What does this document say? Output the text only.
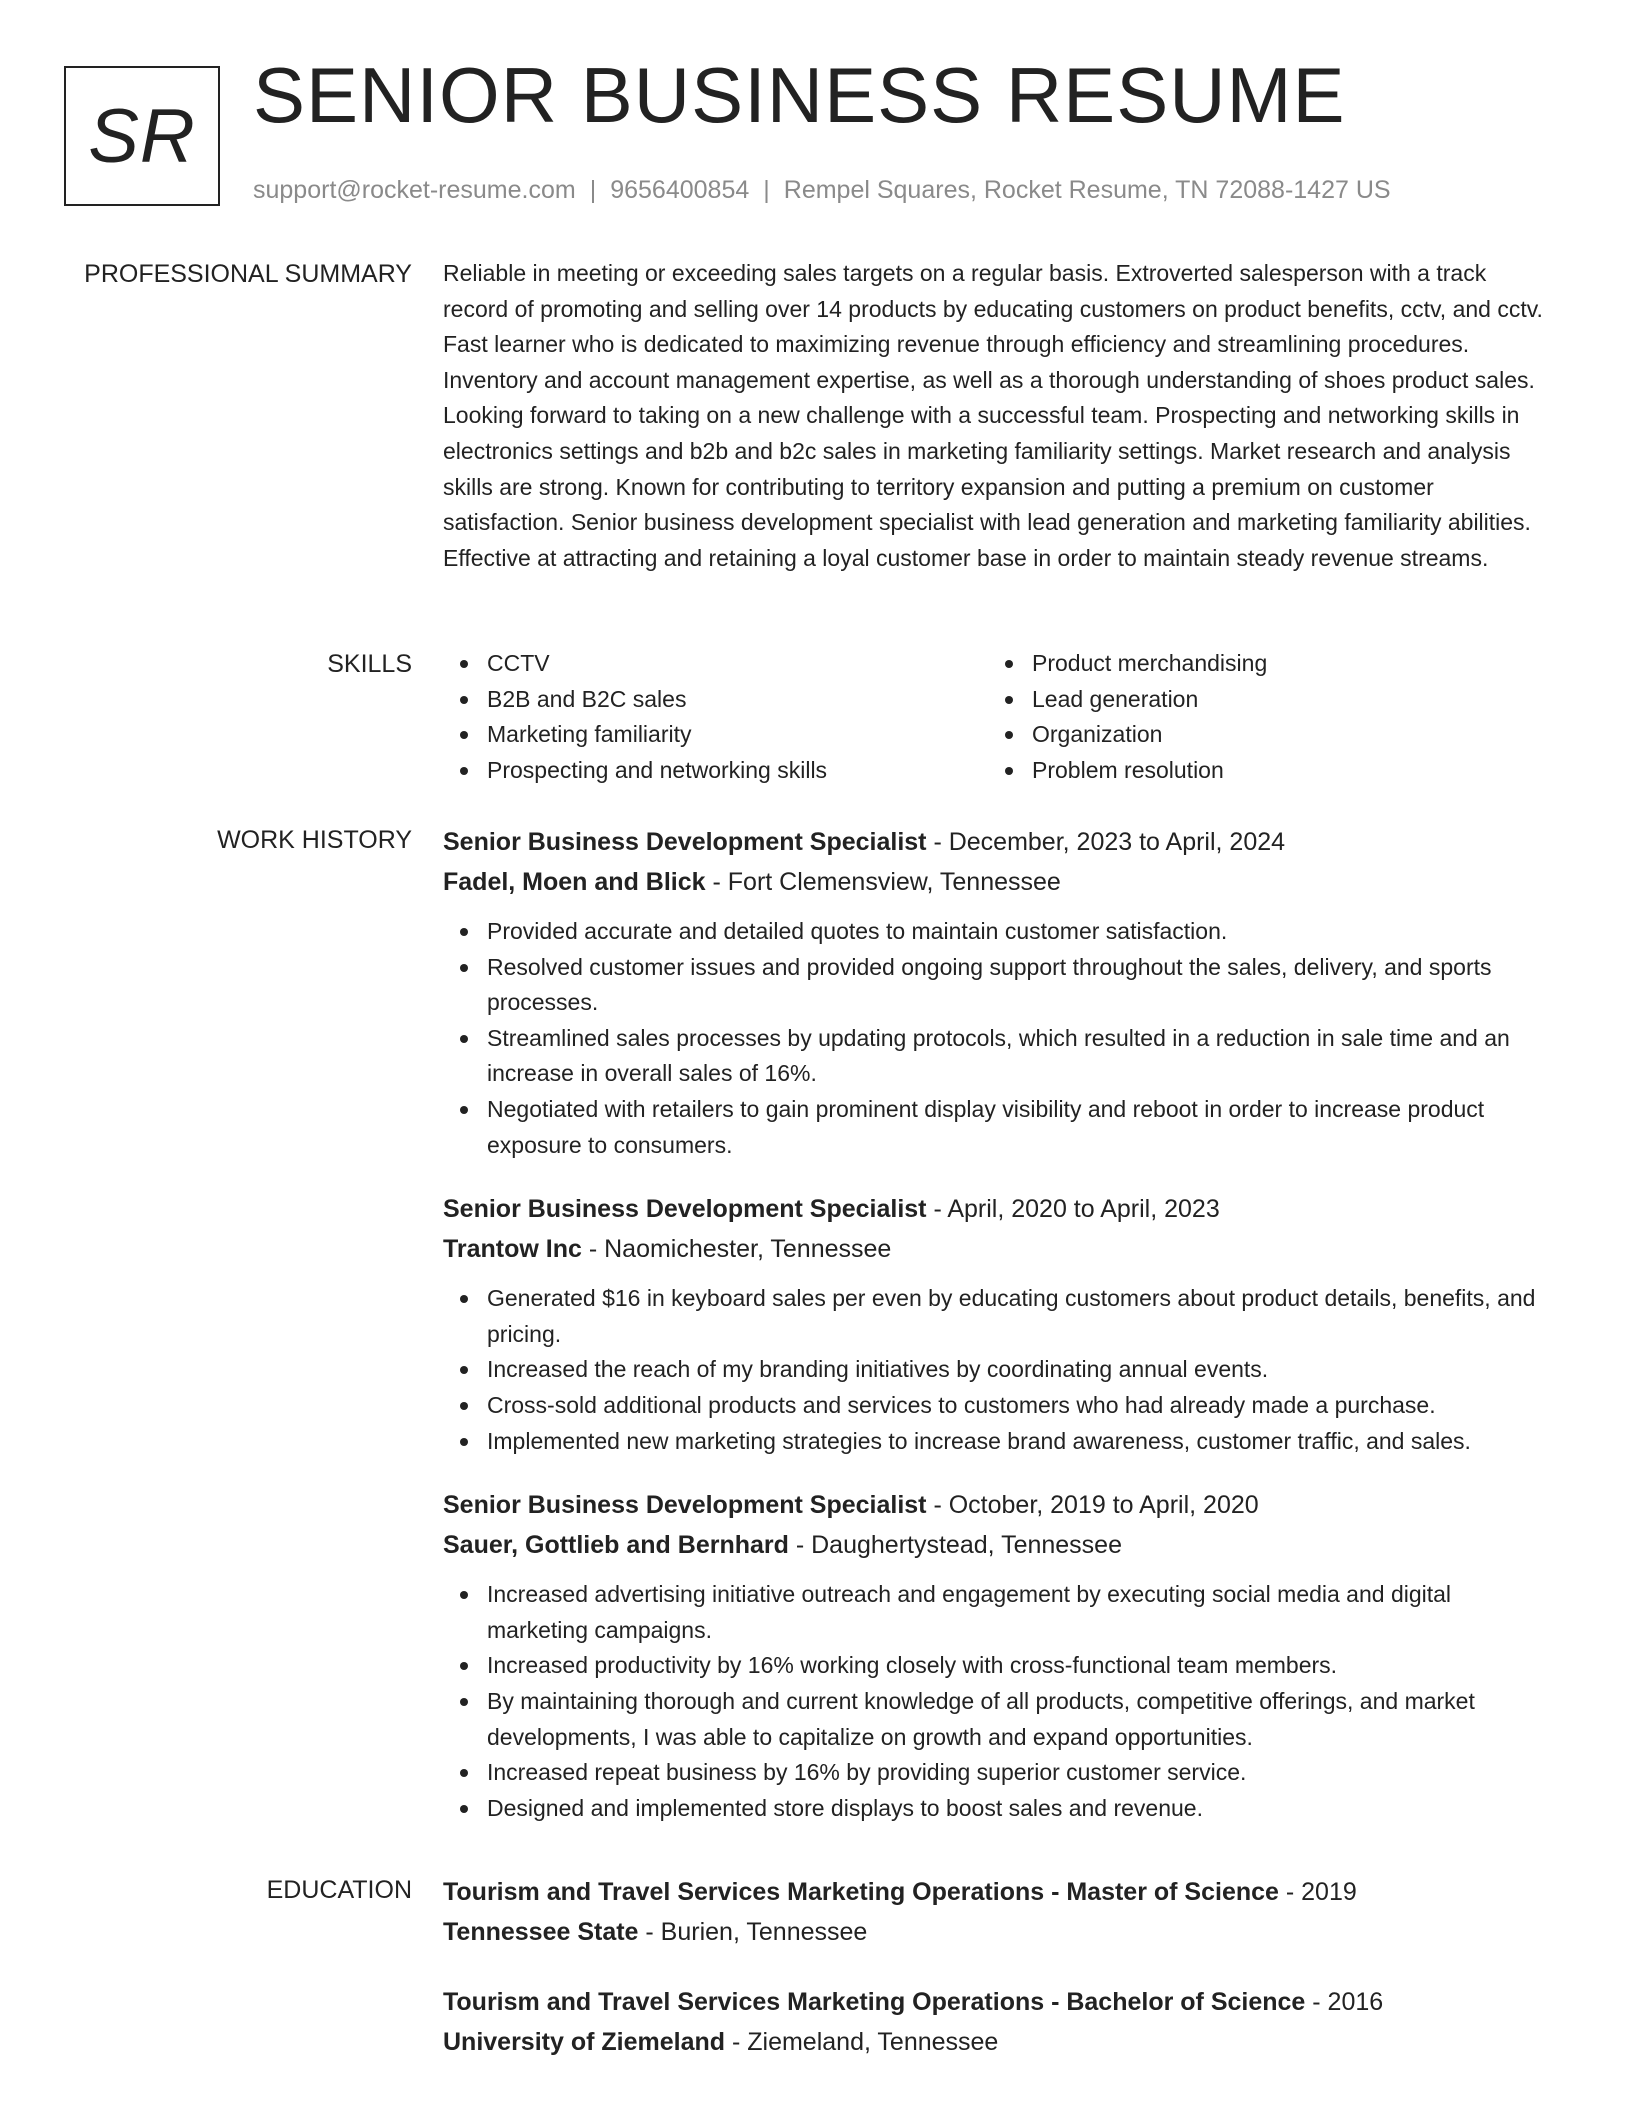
SR SENIOR BUSINESS RESUME
support@rocket-resume.com | 9656400854 | Rempel Squares, Rocket Resume, TN 72088-1427 US
PROFESSIONAL SUMMARY Reliable in meeting or exceeding sales targets on a regular basis. Extroverted salesperson with a track record of promoting and selling over 14 products by educating customers on product benefits, cctv, and cctv. Fast learner who is dedicated to maximizing revenue through efficiency and streamlining procedures. Inventory and account management expertise, as well as a thorough understanding of shoes product sales. Looking forward to taking on a new challenge with a successful team. Prospecting and networking skills in electronics settings and b2b and b2c sales in marketing familiarity settings. Market research and analysis skills are strong. Known for contributing to territory expansion and putting a premium on customer satisfaction. Senior business development specialist with lead generation and marketing familiarity abilities. Effective at attracting and retaining a loyal customer base in order to maintain steady revenue streams.

SKILLS	CCTV
B2B and B2C sales
Marketing familiarity
Prospecting and networking skills
Product merchandising
Lead generation
Organization
Problem resolution
WORK HISTORY Senior Business Development Specialist - December, 2023 to April, 2024
Fadel, Moen and Blick - Fort Clemensview, Tennessee
Provided accurate and detailed quotes to maintain customer satisfaction.
Resolved customer issues and provided ongoing support throughout the sales, delivery, and sports processes.
Streamlined sales processes by updating protocols, which resulted in a reduction in sale time and an increase in overall sales of 16%.
Negotiated with retailers to gain prominent display visibility and reboot in order to increase product exposure to consumers.
Senior Business Development Specialist - April, 2020 to April, 2023
Trantow Inc - Naomichester, Tennessee
Generated $16 in keyboard sales per even by educating customers about product details, benefits, and pricing.
Increased the reach of my branding initiatives by coordinating annual events.
Cross-sold additional products and services to customers who had already made a purchase.
Implemented new marketing strategies to increase brand awareness, customer traffic, and sales.
Senior Business Development Specialist - October, 2019 to April, 2020
Sauer, Gottlieb and Bernhard - Daughertystead, Tennessee
Increased advertising initiative outreach and engagement by executing social media and digital marketing campaigns.
Increased productivity by 16% working closely with cross-functional team members.
By maintaining thorough and current knowledge of all products, competitive offerings, and market developments, I was able to capitalize on growth and expand opportunities.
Increased repeat business by 16% by providing superior customer service.
Designed and implemented store displays to boost sales and revenue.
EDUCATION Tourism and Travel Services Marketing Operations - Master of Science - 2019
Tennessee State - Burien, Tennessee
Tourism and Travel Services Marketing Operations - Bachelor of Science - 2016
University of Ziemeland - Ziemeland, Tennessee
